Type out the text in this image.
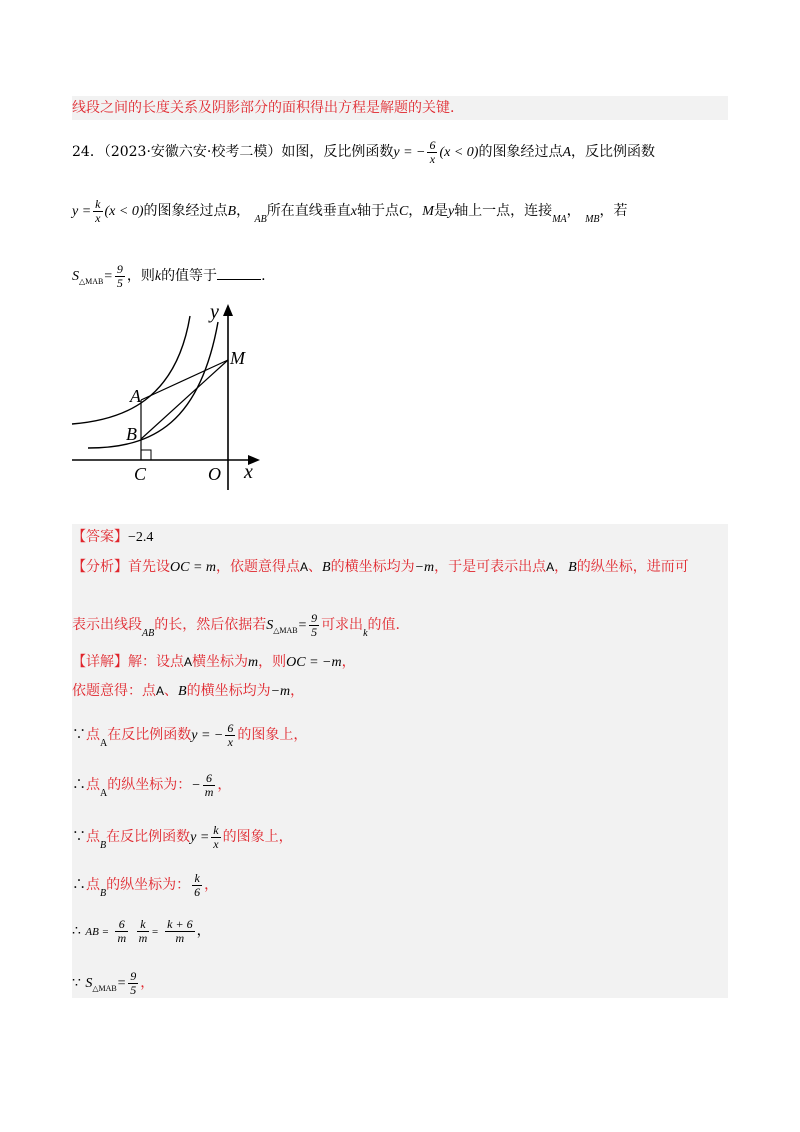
线段之间的长度关系及阴影部分的面积得出方程是解题的关键.
24．（2023·安徽六安·校考二模）如图，反比例函数y = − $\frac{6}{x} (x < 0)$的图象经过点A，反比例函数
$y = \frac{k}{x} (x < 0)$的图象经过点B， $_{AB}$所在直线垂直x轴于点C，M是y轴上一点，连接$_{MA}$， $_{MB}$，若
$S_{\triangle MAB}= \frac{9}{5}$ ，则k的值等于	.
y
x
M
A
B
C	O
【答案】−2.4
【分析】首先设OC = m，依题意得点A、B的横坐标均为−m，于是可表示出点A，B的纵坐标，进而可
表示出线段$_{AB}$的长，然后依据若$S_{\triangle MAB}= \frac{9}{5}$ 可求出$_k$的值.
【详解】解：设点A横坐标为m，则OC = −m，
依题意得：点A、B的横坐标均为−m，
∵点$_A$在反比例函数y = − $\frac{6}{x}$ 的图象上，
∴点$_A$的纵坐标为：− $\frac{6}{m}$ ，
∵点$_B$在反比例函数$y = \frac{k}{x}$ 的图象上，
∴点$_B$的纵坐标为： $\frac{k}{6}$ ，
∴ AB = $\frac{6}{m}$
$\frac{k}{m} = \frac{k + 6}{m}$ ，
∵ $S_{\triangle MAB}= \frac{9}{5}$ ，
